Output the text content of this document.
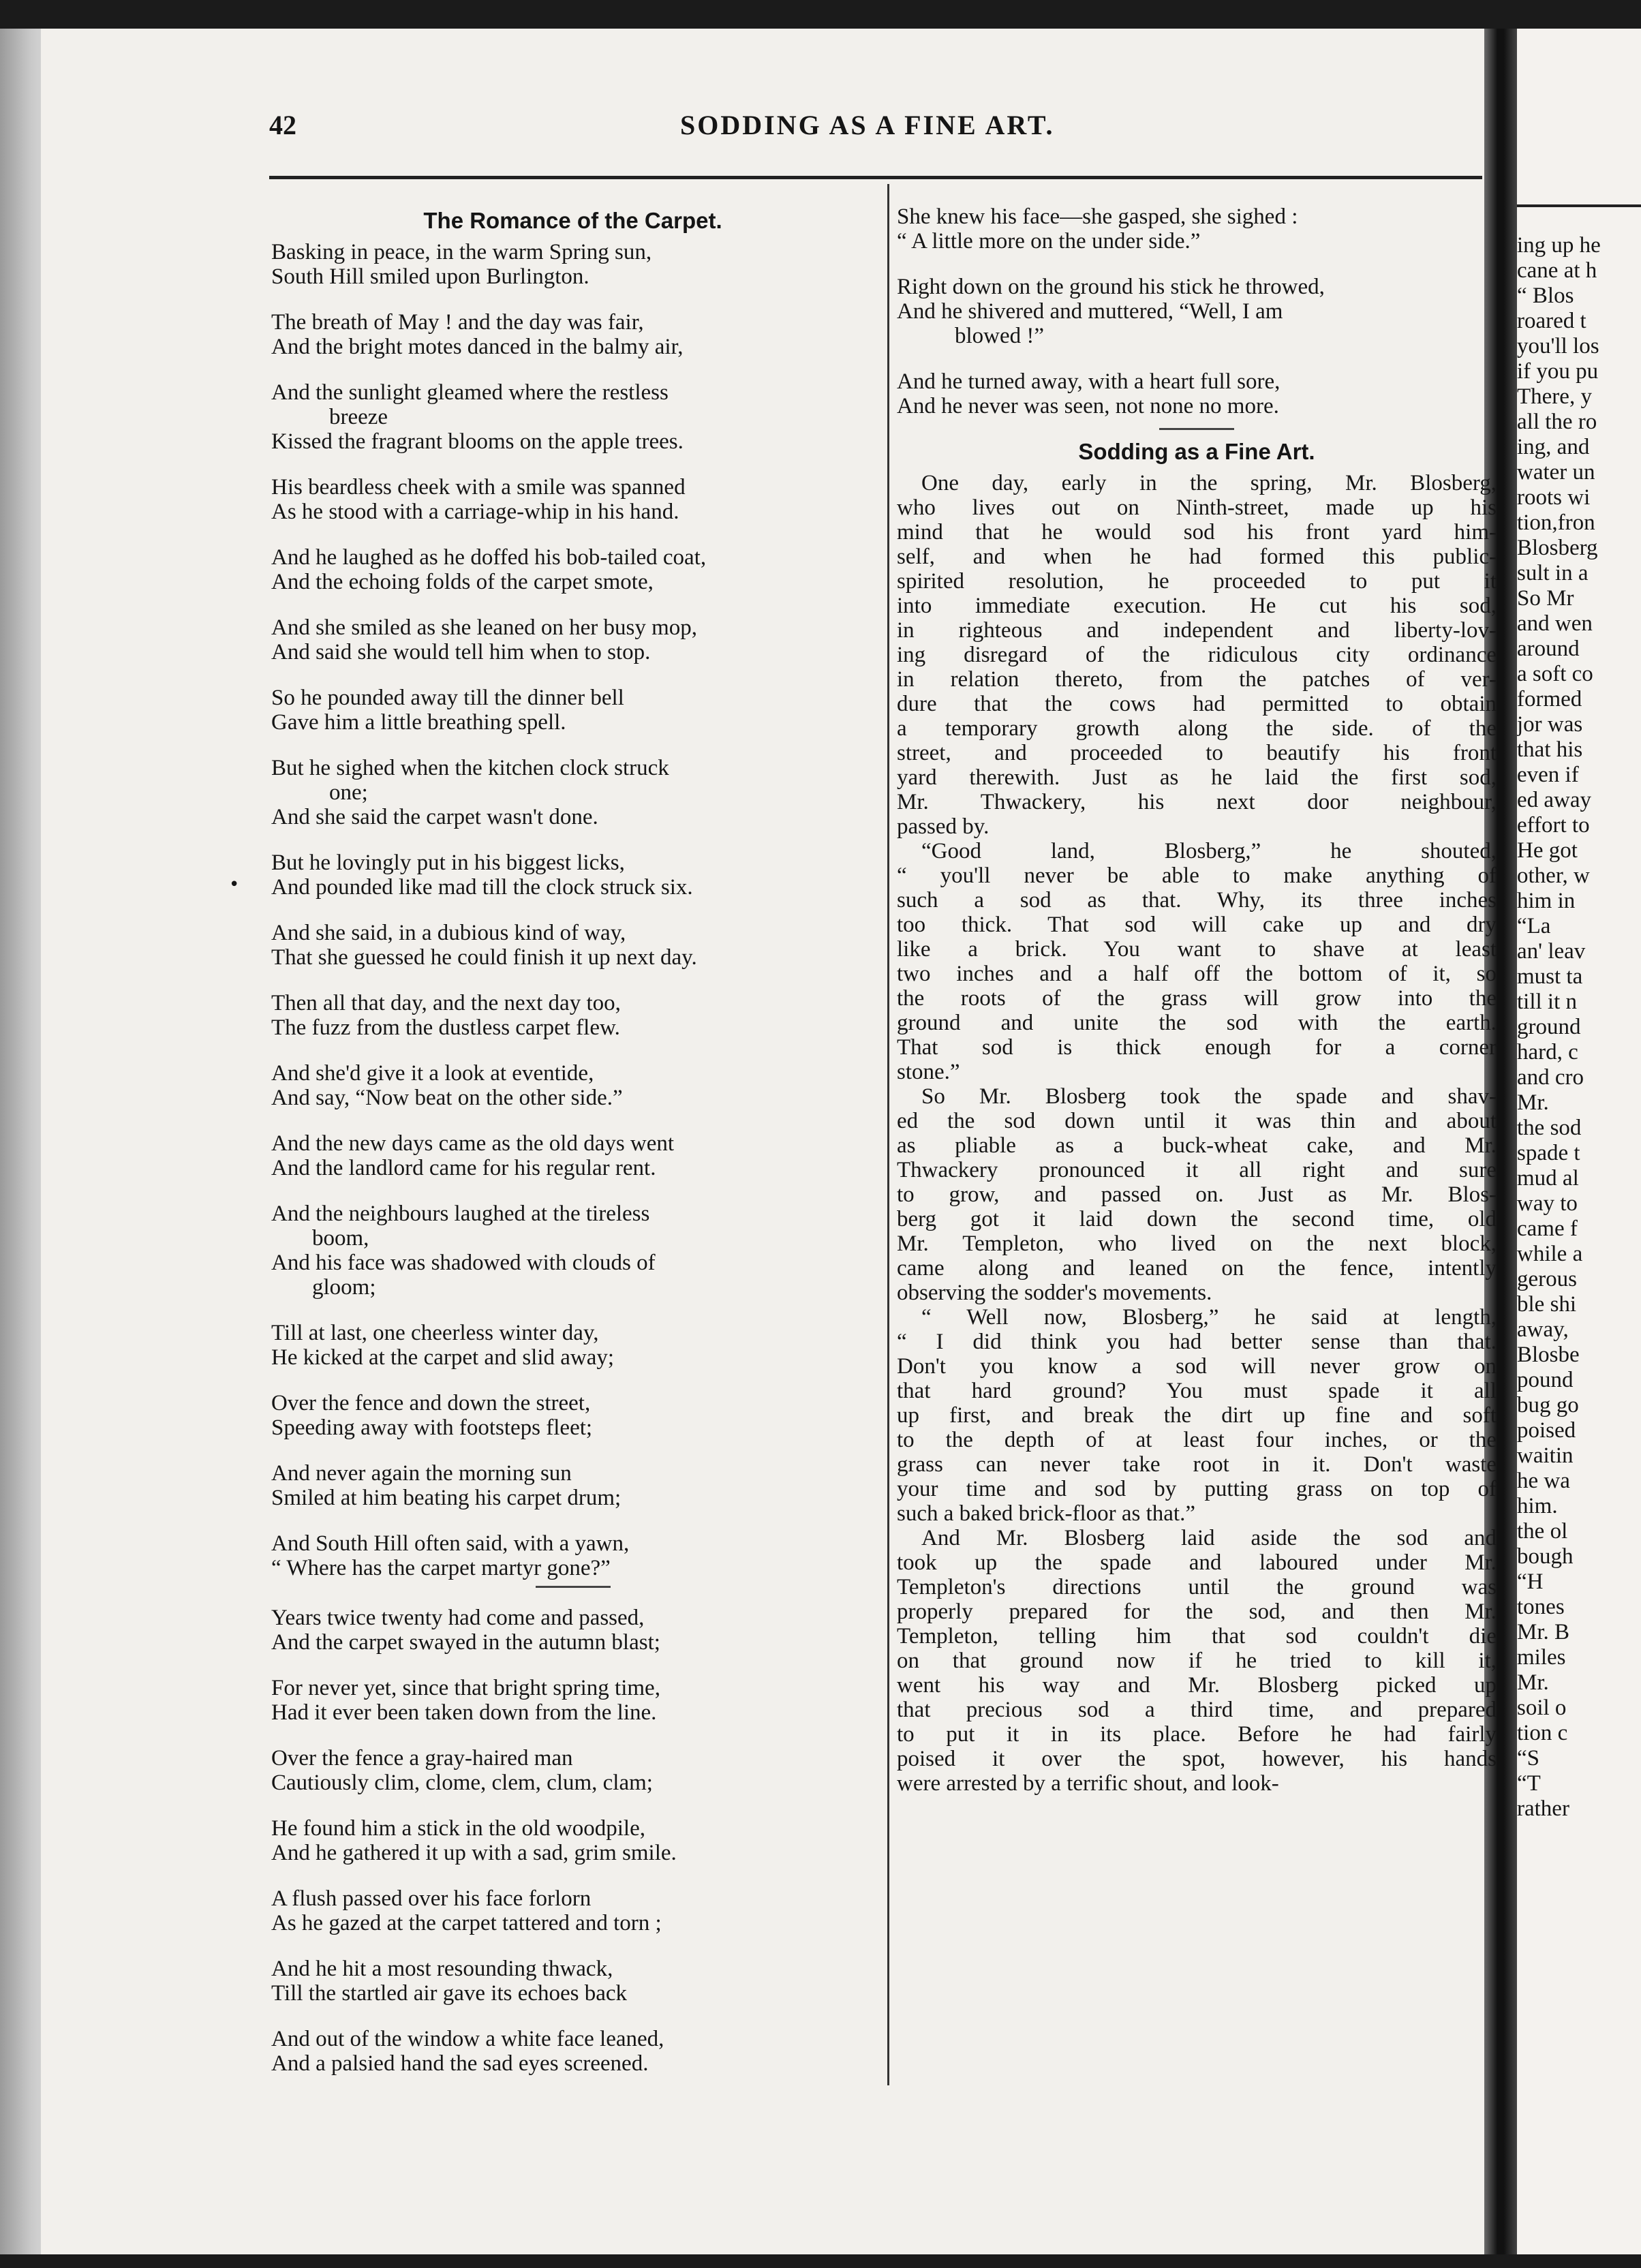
ing up he
cane at h
“ Blos
roared t
you'll los
if you pu
There, y
all the ro
ing, and
water un
roots wi
tion,fron
Blosberg
sult in a
So Mr
and wen
around
a soft co
formed
jor was
that his
even if
ed away
effort to
He got
other, w
him in
“La
an' leav
must ta
till it n
ground
hard, c
and cro
Mr.
the sod
spade t
mud al
way to
came f
while a
gerous
ble shi
away,
Blosbe
pound
bug go
poised
waitin
he wa
him.
the ol
bough
“H
tones
Mr. B
miles
Mr.
soil o
tion c
“S
“T
rather
42	SODDING AS A FINE ART.
•
The Romance of the Carpet.
Basking in peace, in the warm Spring sun,
South Hill smiled upon Burlington.
The breath of May ! and the day was fair,
And the bright motes danced in the balmy air,
And the sunlight gleamed where the restless
breeze
Kissed the fragrant blooms on the apple trees.
His beardless cheek with a smile was spanned
As he stood with a carriage-whip in his hand.
And he laughed as he doffed his bob-tailed coat,
And the echoing folds of the carpet smote,
And she smiled as she leaned on her busy mop,
And said she would tell him when to stop.
So he pounded away till the dinner bell
Gave him a little breathing spell.
But he sighed when the kitchen clock struck
one;
And she said the carpet wasn't done.
But he lovingly put in his biggest licks,
And pounded like mad till the clock struck six.
And she said, in a dubious kind of way,
That she guessed he could finish it up next day.
Then all that day, and the next day too,
The fuzz from the dustless carpet flew.
And she'd give it a look at eventide,
And say, “Now beat on the other side.”
And the new days came as the old days went
And the landlord came for his regular rent.
And the neighbours laughed at the tireless
boom,
And his face was shadowed with clouds of
gloom;
Till at last, one cheerless winter day,
He kicked at the carpet and slid away;
Over the fence and down the street,
Speeding away with footsteps fleet;
And never again the morning sun
Smiled at him beating his carpet drum;
And South Hill often said, with a yawn,
“ Where has the carpet martyr gone?”
Years twice twenty had come and passed,
And the carpet swayed in the autumn blast;
For never yet, since that bright spring time,
Had it ever been taken down from the line.
Over the fence a gray-haired man
Cautiously clim, clome, clem, clum, clam;
He found him a stick in the old woodpile,
And he gathered it up with a sad, grim smile.
A flush passed over his face forlorn
As he gazed at the carpet tattered and torn ;
And he hit a most resounding thwack,
Till the startled air gave its echoes back
And out of the window a white face leaned,
And a palsied hand the sad eyes screened.
She knew his face—she gasped, she sighed :
“ A little more on the under side.”
Right down on the ground his stick he throwed,
And he shivered and muttered, “Well, I am
blowed !”
And he turned away, with a heart full sore,
And he never was seen, not none no more.
Sodding as a Fine Art.
One day, early in the spring, Mr. Blosberg,
who lives out on Ninth-street, made up his
mind that he would sod his front yard him-
self, and when he had formed this public-
spirited resolution, he proceeded to put it
into immediate execution. He cut his sod,
in righteous and independent and liberty-lov-
ing disregard of the ridiculous city ordinance
in relation thereto, from the patches of ver-
dure that the cows had permitted to obtain
a temporary growth along the side. of the
street, and proceeded to beautify his front
yard therewith. Just as he laid the first sod,
Mr. Thwackery, his next door neighbour,
passed by.
“Good land, Blosberg,” he shouted,
“ you'll never be able to make anything of
such a sod as that. Why, its three inches
too thick. That sod will cake up and dry
like a brick. You want to shave at least
two inches and a half off the bottom of it, so
the roots of the grass will grow into the
ground and unite the sod with the earth.
That sod is thick enough for a corner
stone.”
So Mr. Blosberg took the spade and shav-
ed the sod down until it was thin and about
as pliable as a buck-wheat cake, and Mr.
Thwackery pronounced it all right and sure
to grow, and passed on. Just as Mr. Blos-
berg got it laid down the second time, old
Mr. Templeton, who lived on the next block,
came along and leaned on the fence, intently
observing the sodder's movements.
“ Well now, Blosberg,” he said at length,
“ I did think you had better sense than that.
Don't you know a sod will never grow on
that hard ground? You must spade it all
up first, and break the dirt up fine and soft
to the depth of at least four inches, or the
grass can never take root in it. Don't waste
your time and sod by putting grass on top of
such a baked brick-floor as that.”
And Mr. Blosberg laid aside the sod and
took up the spade and laboured under Mr.
Templeton's directions until the ground was
properly prepared for the sod, and then Mr.
Templeton, telling him that sod couldn't die
on that ground now if he tried to kill it,
went his way and Mr. Blosberg picked up
that precious sod a third time, and prepared
to put it in its place. Before he had fairly
poised it over the spot, however, his hands
were arrested by a terrific shout, and look-
